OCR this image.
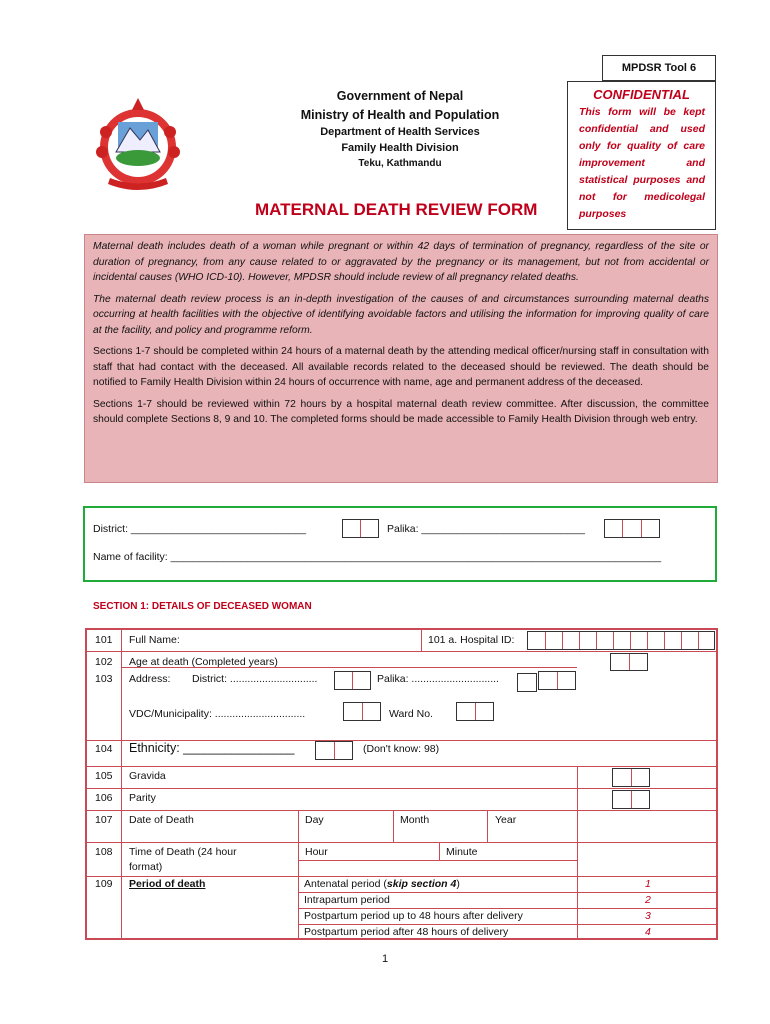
MPDSR Tool 6
CONFIDENTIAL
This form will be kept confidential and used only for quality of care improvement and statistical purposes and not for medicolegal purposes
Government of Nepal
Ministry of Health and Population
Department of Health Services
Family Health Division
Teku, Kathmandu
MATERNAL DEATH REVIEW FORM

Maternal death includes death of a woman while pregnant or within 42 days of termination of pregnancy, regardless of the site or duration of pregnancy, from any cause related to or aggravated by the pregnancy or its management, but not from accidental or incidental causes (WHO ICD-10). However, MPDSR should include review of all pregnancy related deaths.

The maternal death review process is an in-depth investigation of the causes of and circumstances surrounding maternal deaths occurring at health facilities with the objective of identifying avoidable factors and utilising the information for improving quality of care at the facility, and policy and programme reform.

Sections 1-7 should be completed within 24 hours of a maternal death by the attending medical officer/nursing staff in consultation with staff that had contact with the deceased. All available records related to the deceased should be reviewed. The death should be notified to Family Health Division within 24 hours of occurrence with name, age and permanent address of the deceased.

Sections 1-7 should be reviewed within 72 hours by a hospital maternal death review committee. After discussion, the committee should complete Sections 8, 9 and 10. The completed forms should be made accessible to Family Health Division through web entry.

District: ______________________________	Palika: ____________________________
Name of facility: ____________________________________________________________________________________
SECTION 1: DETAILS OF DECEASED WOMAN
101 Full Name:	101 a. Hospital ID:
102 Age at death (Completed years)
103 Address: District: ..............................	Palika: ..............................
VDC/Municipality: ...............................	Ward No.
104 Ethnicity: ________________	(Don't know: 98)
105 Gravida
106 Parity
107 Date of Death	Day	Month	Year
108 Time of Death (24 hour
format)
Hour	Minute
109 Period of death	Antenatal period (skip section 4)	1
Intrapartum period	2
Postpartum period up to 48 hours after delivery	3
Postpartum period after 48 hours of delivery	4
1
